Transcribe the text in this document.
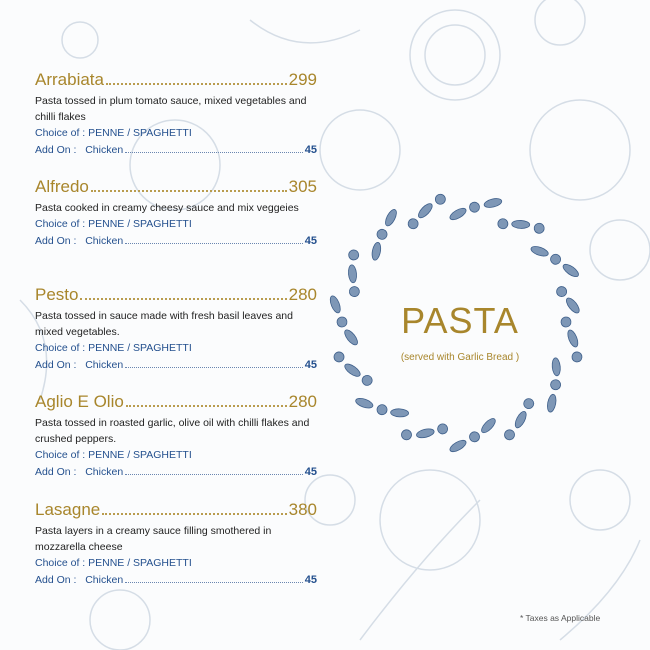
Arrabiata	299
Pasta tossed in plum tomato sauce, mixed vegetables and chilli flakes
Choice of : PENNE / SPAGHETTI
Add On :
Chicken	45
Alfredo	305
Pasta cooked in creamy cheesy sauce and mix veggeies
Choice of : PENNE / SPAGHETTI
Add On :
Chicken	45
Pesto	280
Pasta tossed in sauce made with fresh basil leaves and mixed vegetables.
Choice of : PENNE / SPAGHETTI
Add On :
Chicken	45
Aglio E Olio	280
Pasta tossed in roasted garlic, olive oil with chilli flakes and crushed peppers.
Choice of : PENNE / SPAGHETTI
Add On :
Chicken	45
Lasagne	380
Pasta layers in a creamy sauce filling smothered in mozzarella cheese
Choice of : PENNE / SPAGHETTI
Add On :
Chicken	45
PASTA
(served with Garlic Bread )
* Taxes as Applicable
